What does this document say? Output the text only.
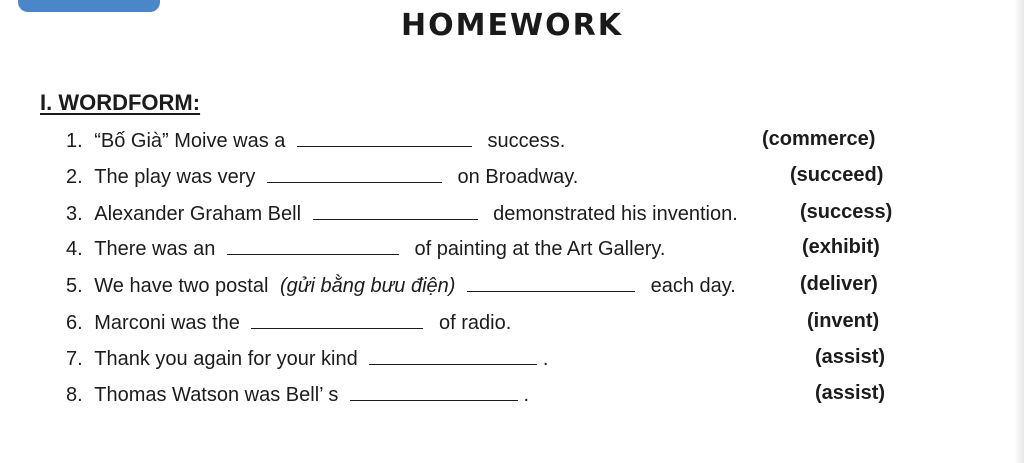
HOMEWORK
I. WORDFORM:
1. “Bố Già” Moive was a	success.	(commerce)
2. The play was very	on Broadway.	(succeed)
3. Alexander Graham Bell	demonstrated his invention.	(success)
4. There was an	of painting at the Art Gallery.	(exhibit)
5. We have two postal (gửi bằng bưu điện)	each day.	(deliver)
6. Marconi was the	of radio.	(invent)
7. Thank you again for your kind	.	(assist)
8. Thomas Watson was Bell’ s	.	(assist)
